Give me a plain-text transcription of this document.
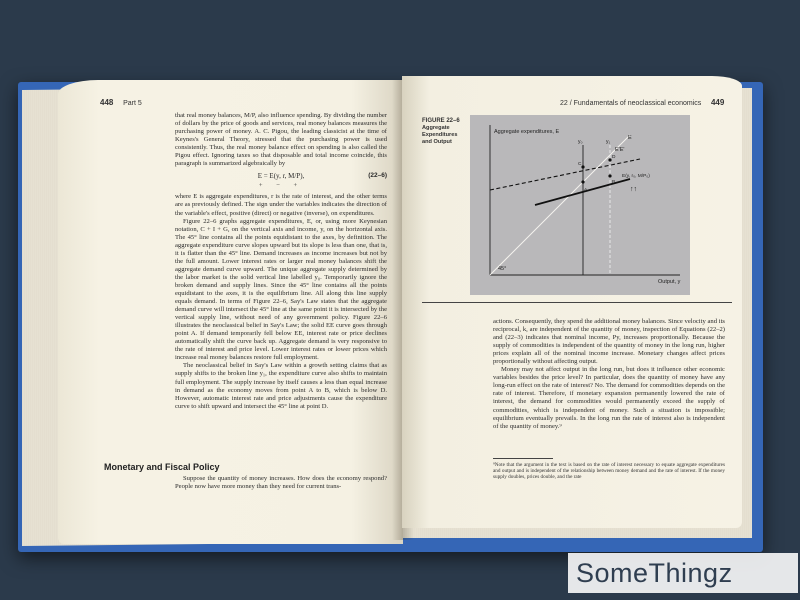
448 Part 5

that real money balances, M/P, also influence spending. By dividing the number of dollars by the price of goods and services, real money balances measures the purchasing power of money. A. C. Pigou, the leading classicist at the time of Keynes's General Theory, stressed that the purchasing power is used consistently. Thus, the real money balance effect on spending is also called the Pigou effect. Ignoring taxes so that disposable and total income coincide, this paragraph is summarized algebraically by

E = E(y, r, M/P),	(22–6)
+ − +

where E is aggregate expenditures, r is the rate of interest, and the other terms are as previously defined. The sign under the variables indicates the direction of the variable's effect, positive (direct) or negative (inverse), on expenditures.

Figure 22–6 graphs aggregate expenditures, E, or, using more Keynesian notation, C + I + G, on the vertical axis and income, y, on the horizontal axis. The 45° line contains all the points equidistant to the axes, by definition. The aggregate expenditure curve slopes upward but its slope is less than one, that is, it is flatter than the 45° line. Demand increases as income increases but not by the full amount. Lower interest rates or larger real money balances shift the aggregate demand curve upward. The unique aggregate supply determined by the labor market is the solid vertical line labelled y₀. Temporarily ignore the broken demand and supply lines. Since the 45° line contains all the points equidistant to the axes, it is the equilibrium line. All along this line supply equals demand. In terms of Figure 22–6, Say's Law states that the aggregate demand curve will intersect the 45° line at the same point it is intersected by the vertical supply line, without need of any government policy. Figure 22–6 illustrates the neoclassical belief in Say's Law; the solid EE curve goes through point A. If demand temporarily fell below EE, interest rate or price declines automatically shift the curve back up. Aggregate demand is very responsive to the rate of interest and price level. Lower interest rates or lower prices which increase real money balances restore full employment.

The neoclassical belief in Say's Law within a growth setting claims that as supply shifts to the broken line y₁, the expenditure curve also shifts to maintain full employment. The supply increase by itself causes a less than equal increase in demand as the economy moves from point A to B, which is below D. However, automatic interest rate and price adjustments cause the expenditure curve to shift upward and intersect the 45° line at point D.

Monetary and Fiscal Policy

Suppose the quantity of money increases. How does the economy respond? People now have more money than they need for current trans-

22 / Fundamentals of neoclassical economics 449
FIGURE 22–6
Aggregate Expenditures and Output
Aggregate expenditures, E
Output, y
45°
E'E'
E(y, r₀, M/P₀)
E
y₀	y₁
A
B
C
D
↑↑

actions. Consequently, they spend the additional money balances. Since velocity and its reciprocal, k, are independent of the quantity of money, inspection of Equations (22–2) and (22–3) indicates that nominal income, Py, increases proportionally. Because the supply of commodities is independent of the quantity of money in the long run, higher prices explain all of the nominal income increase. Monetary changes affect prices proportionally without affecting output.

Money may not affect output in the long run, but does it influence other economic variables besides the price level? In particular, does the quantity of money have any long-run effect on the rate of interest? No. The demand for commodities depends on the rate of interest. Therefore, if monetary expansion permanently lowered the rate of interest, the demand for commodities would permanently exceed the supply of commodities, which is independent of money. Such a situation is impossible; equilibrium eventually prevails. In the long run the rate of interest also is independent of the quantity of money.⁹

⁹Note that the argument in the text is based on the rate of interest necessary to equate aggregate expenditures and output and is independent of the relationship between money demand and the rate of interest. If the money supply doubles, prices double, and the rate
SomeThingz
